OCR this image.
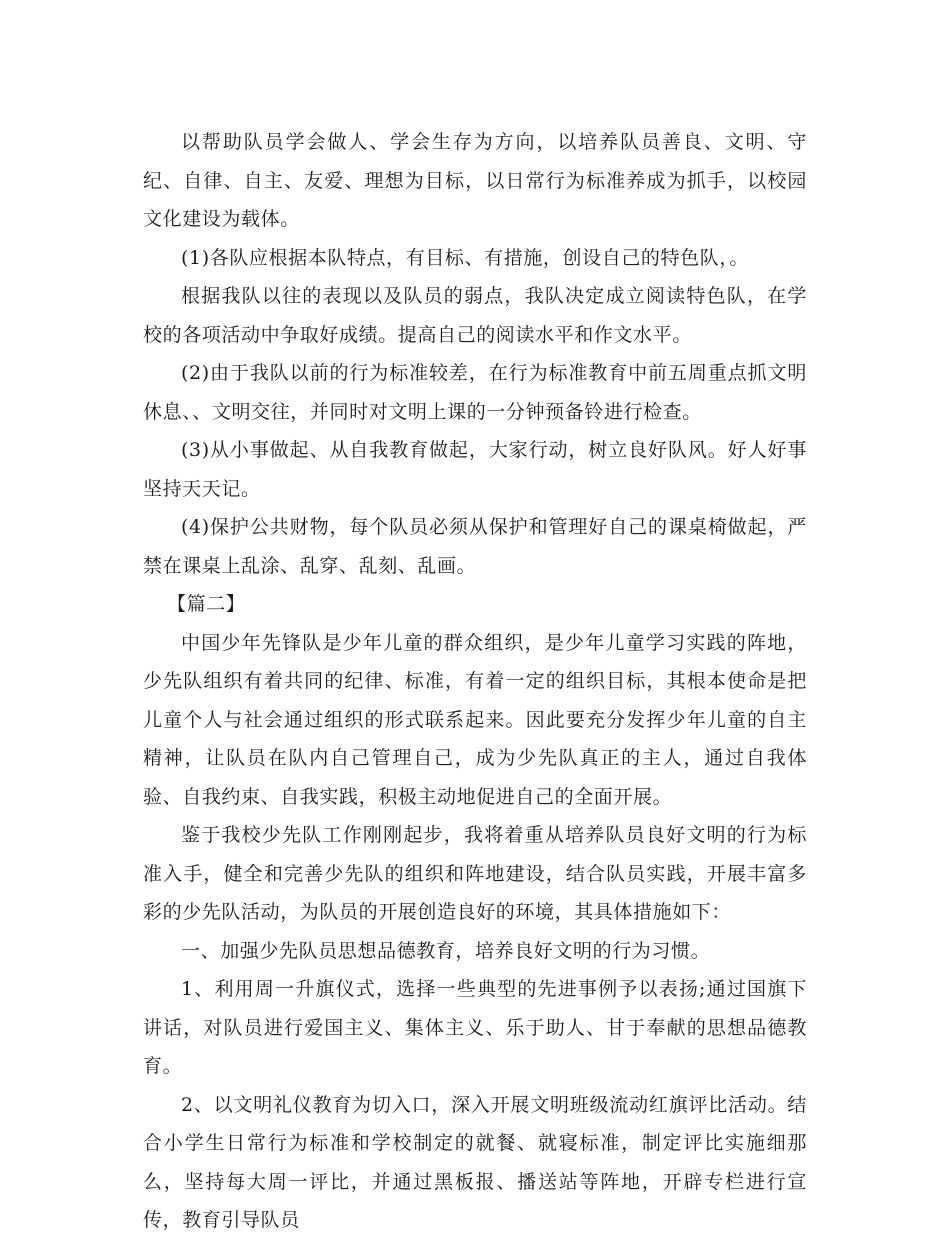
以帮助队员学会做人、学会生存为方向，以培养队员善良、文明、守纪、自律、自主、友爱、理想为目标，以日常行为标准养成为抓手，以校园文化建设为载体。

(1)各队应根据本队特点，有目标、有措施，创设自己的特色队，。

根据我队以往的表现以及队员的弱点，我队决定成立阅读特色队，在学校的各项活动中争取好成绩。提高自己的阅读水平和作文水平。

(2)由于我队以前的行为标准较差，在行为标准教育中前五周重点抓文明休息、、文明交往，并同时对文明上课的一分钟预备铃进行检查。

(3)从小事做起、从自我教育做起，大家行动，树立良好队风。好人好事坚持天天记。

(4)保护公共财物，每个队员必须从保护和管理好自己的课桌椅做起，严禁在课桌上乱涂、乱穿、乱刻、乱画。

【篇二】

中国少年先锋队是少年儿童的群众组织，是少年儿童学习实践的阵地，少先队组织有着共同的纪律、标准，有着一定的组织目标，其根本使命是把儿童个人与社会通过组织的形式联系起来。因此要充分发挥少年儿童的自主精神，让队员在队内自己管理自己，成为少先队真正的主人，通过自我体验、自我约束、自我实践，积极主动地促进自己的全面开展。

鉴于我校少先队工作刚刚起步，我将着重从培养队员良好文明的行为标准入手，健全和完善少先队的组织和阵地建设，结合队员实践，开展丰富多彩的少先队活动，为队员的开展创造良好的环境，其具体措施如下：

一、加强少先队员思想品德教育，培养良好文明的行为习惯。

1、利用周一升旗仪式，选择一些典型的先进事例予以表扬;通过国旗下讲话，对队员进行爱国主义、集体主义、乐于助人、甘于奉献的思想品德教育。

2、以文明礼仪教育为切入口，深入开展文明班级流动红旗评比活动。结合小学生日常行为标准和学校制定的就餐、就寝标准，制定评比实施细那么，坚持每大周一评比，并通过黑板报、播送站等阵地，开辟专栏进行宣传，教育引导队员
